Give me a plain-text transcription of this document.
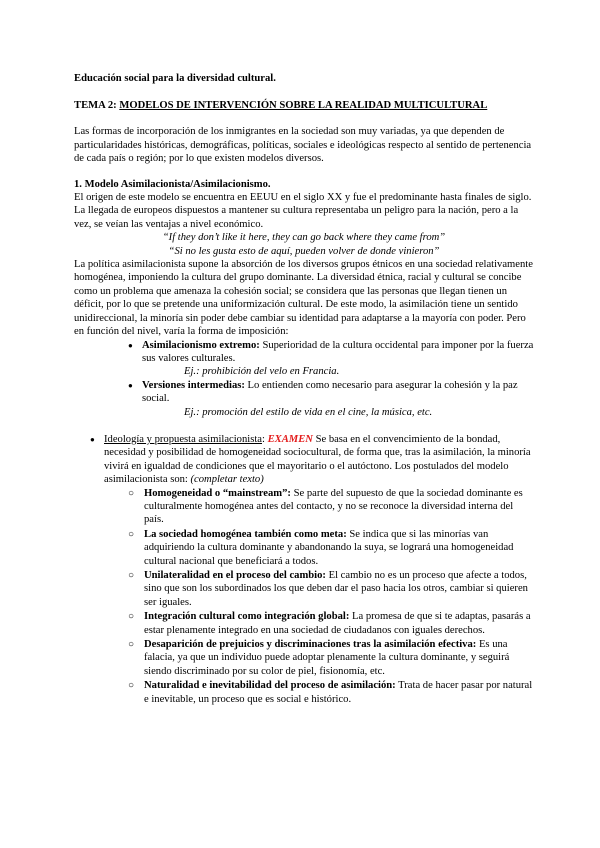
Educación social para la diversidad cultural.

TEMA 2: MODELOS DE INTERVENCIÓN SOBRE LA REALIDAD MULTICULTURAL

Las formas de incorporación de los inmigrantes en la sociedad son muy variadas, ya que dependen de particularidades históricas, demográficas, políticas, sociales e ideológicas respecto al sentido de pertenencia de cada país o región; por lo que existen modelos diversos.

1. Modelo Asimilacionista/Asimilacionismo.

El origen de este modelo se encuentra en EEUU en el siglo XX y fue el predominante hasta finales de siglo. La llegada de europeos dispuestos a mantener su cultura representaba un peligro para la nación, pero a la vez, se veían las ventajas a nivel económico.

“If they don’t like it here, they can go back where they came from”

“Si no les gusta esto de aquí, pueden volver de donde vinieron”

La política asimilacionista supone la absorción de los diversos grupos étnicos en una sociedad relativamente homogénea, imponiendo la cultura del grupo dominante. La diversidad étnica, racial y cultural se concibe como un problema que amenaza la cohesión social; se considera que las personas que llegan tienen un déficit, por lo que se pretende una uniformización cultural. De este modo, la asimilación tiene un sentido unidireccional, la minoría sin poder debe cambiar su identidad para adaptarse a la mayoría con poder. Pero en función del nivel, varía la forma de imposición:

● Asimilacionismo extremo: Superioridad de la cultura occidental para imponer por la fuerza sus valores culturales.

Ej.: prohibición del velo en Francia.

● Versiones intermedias: Lo entienden como necesario para asegurar la cohesión y la paz social.

Ej.: promoción del estilo de vida en el cine, la música, etc.

● Ideología y propuesta asimilacionista: EXAMEN Se basa en el convencimiento de la bondad, necesidad y posibilidad de homogeneidad sociocultural, de forma que, tras la asimilación, la minoría vivirá en igualdad de condiciones que el mayoritario o el autóctono. Los postulados del modelo asimilacionista son: (completar texto)
○ Homogeneidad o “mainstream”: Se parte del supuesto de que la sociedad dominante es culturalmente homogénea antes del contacto, y no se reconoce la diversidad interna del país.
○ La sociedad homogénea también como meta: Se indica que si las minorías van adquiriendo la cultura dominante y abandonando la suya, se logrará una homogeneidad cultural nacional que beneficiará a todos.
○ Unilateralidad en el proceso del cambio: El cambio no es un proceso que afecte a todos, sino que son los subordinados los que deben dar el paso hacia los otros, cambiar si quieren ser iguales.
○ Integración cultural como integración global: La promesa de que si te adaptas, pasarás a estar plenamente integrado en una sociedad de ciudadanos con iguales derechos.
○ Desaparición de prejuicios y discriminaciones tras la asimilación efectiva: Es una falacia, ya que un individuo puede adoptar plenamente la cultura dominante, y seguirá siendo discriminado por su color de piel, fisionomía, etc.
○ Naturalidad e inevitabilidad del proceso de asimilación: Trata de hacer pasar por natural e inevitable, un proceso que es social e histórico.
